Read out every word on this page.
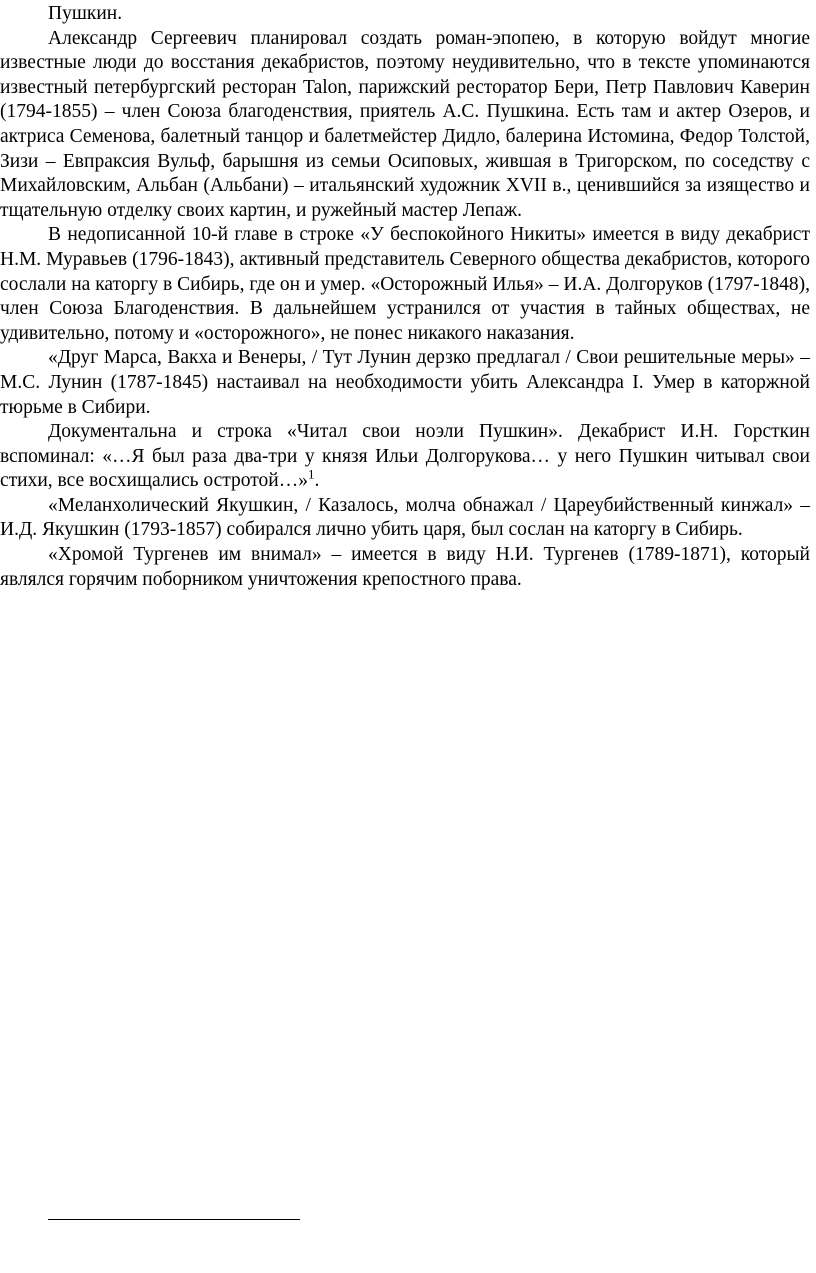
Пушкин.

Александр Сергеевич планировал создать роман-эпопею, в которую войдут многие известные люди до восстания декабристов, поэтому неудивительно, что в тексте упоминаются известный петербургский ресторан Talon, парижский ресторатор Бери, Петр Павлович Каверин (1794-1855) – член Союза благоденствия, приятель А.С. Пушкина. Есть там и актер Озеров, и актриса Семенова, балетный танцор и балетмейстер Дидло, балерина Истомина, Федор Толстой, Зизи – Евпраксия Вульф, барышня из семьи Осиповых, жившая в Тригорском, по соседству с Михайловским, Альбан (Альбани) – итальянский художник XVII в., ценившийся за изящество и тщательную отделку своих картин, и ружейный мастер Лепаж.

В недописанной 10-й главе в строке «У беспокойного Никиты» имеется в виду декабрист Н.М. Муравьев (1796-1843), активный представитель Северного общества декабристов, которого сослали на каторгу в Сибирь, где он и умер. «Осторожный Илья» – И.А. Долгоруков (1797-1848), член Союза Благоденствия. В дальнейшем устранился от участия в тайных обществах, не удивительно, потому и «осторожного», не понес никакого наказания.

«Друг Марса, Вакха и Венеры, / Тут Лунин дерзко предлагал / Свои решительные меры» – М.С. Лунин (1787-1845) настаивал на необходимости убить Александра I. Умер в каторжной тюрьме в Сибири.

Документальна и строка «Читал свои ноэли Пушкин». Декабрист И.Н. Горсткин вспоминал: «…Я был раза два-три у князя Ильи Долгорукова… у него Пушкин читывал свои стихи, все восхищались остротой…»$^1$.

«Меланхолический Якушкин, / Казалось, молча обнажал / Цареубийственный кинжал» – И.Д. Якушкин (1793-1857) собирался лично убить царя, был сослан на каторгу в Сибирь.

«Хромой Тургенев им внимал» – имеется в виду Н.И. Тургенев (1789-1871), который являлся горячим поборником уничтожения крепостного права.
